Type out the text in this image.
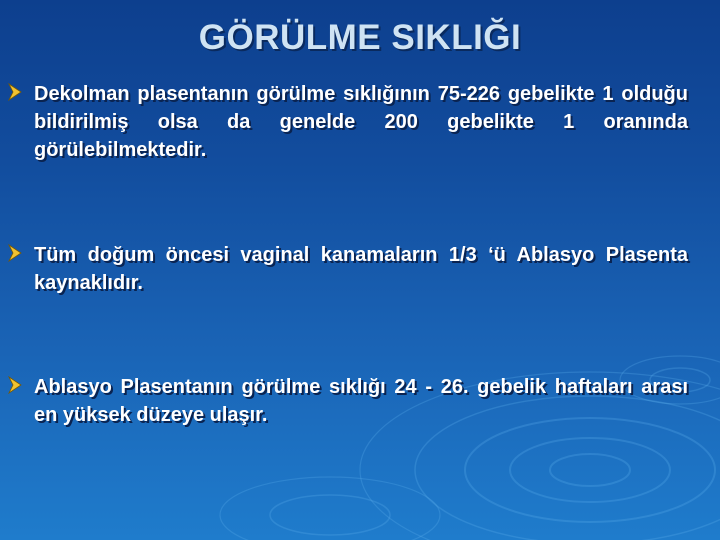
GÖRÜLME SIKLIĞI
Dekolman plasentanın görülme sıklığının 75-226 gebelikte 1 olduğu bildirilmiş olsa da genelde 200 gebelikte 1 oranında görülebilmektedir.
Tüm doğum öncesi vaginal kanamaların 1/3 ‘ü Ablasyo Plasenta kaynaklıdır.
Ablasyo Plasentanın görülme sıklığı 24 - 26. gebelik haftaları arası en yüksek düzeye ulaşır.
